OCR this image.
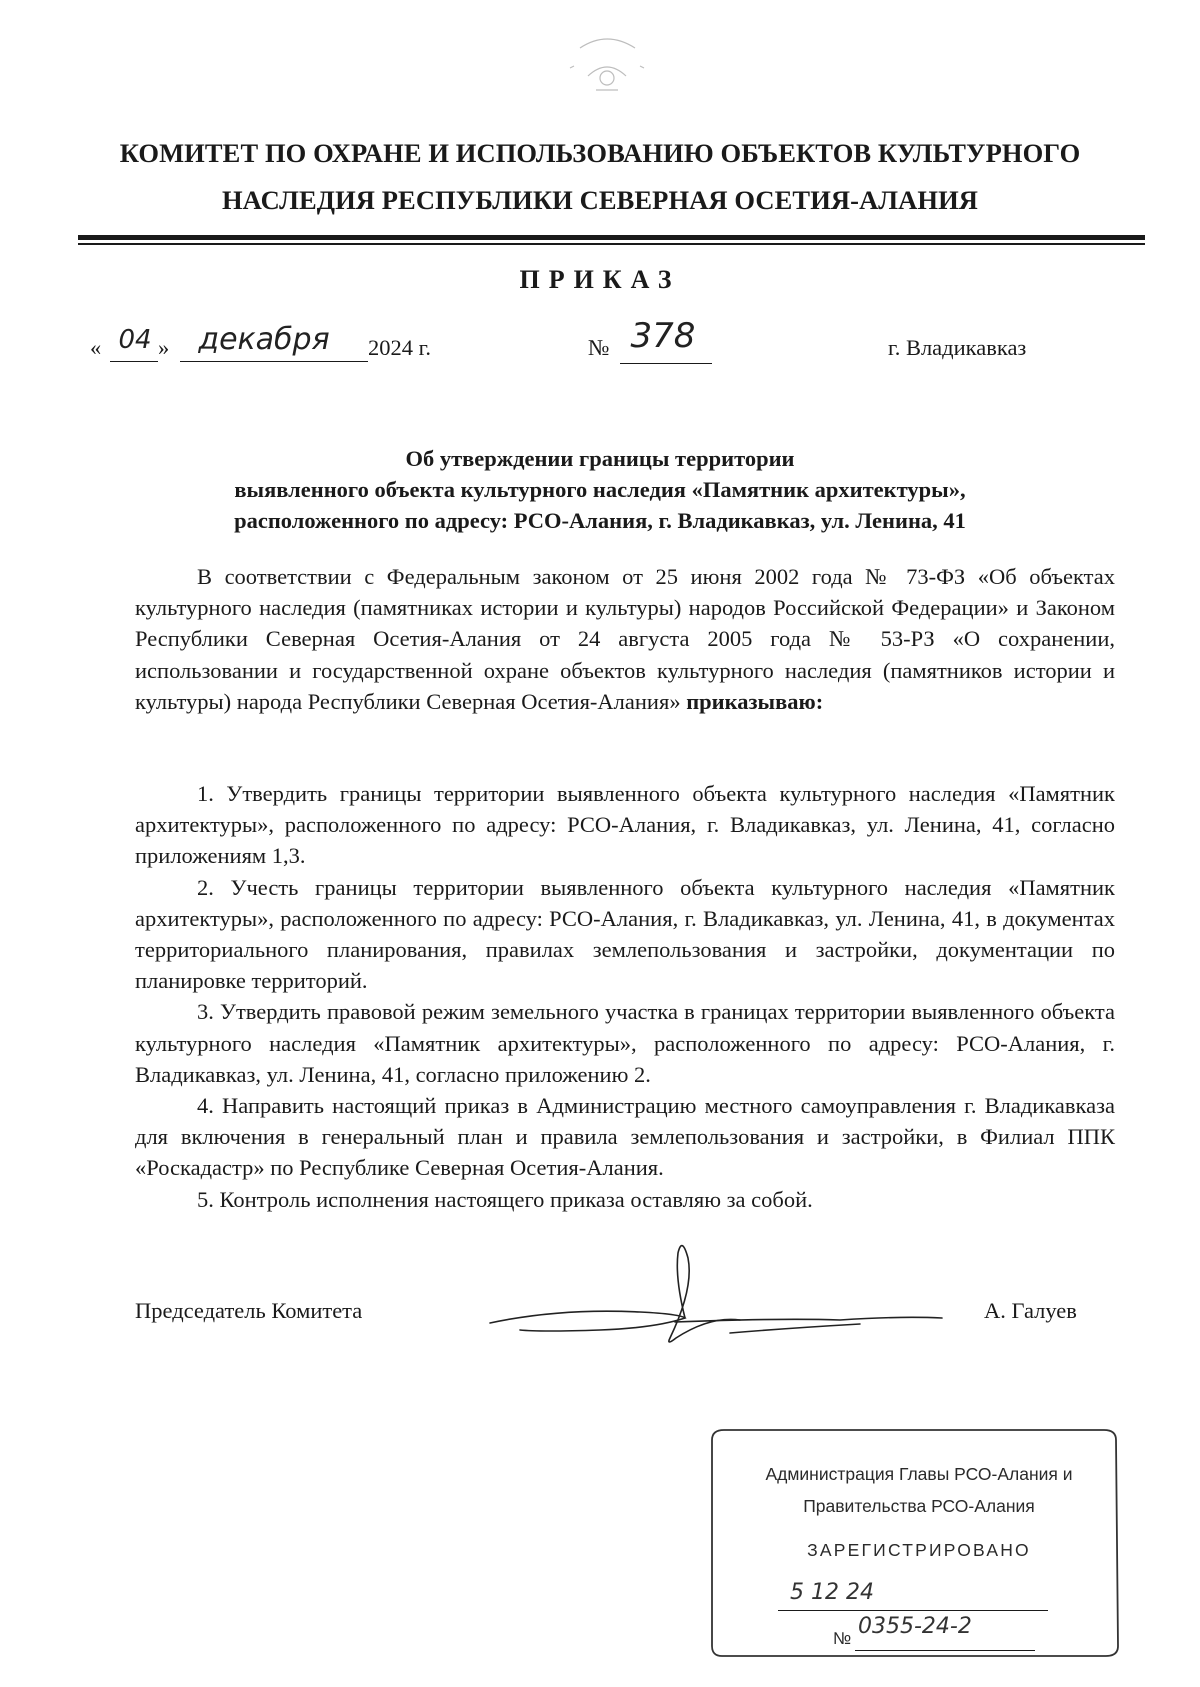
КОМИТЕТ ПО ОХРАНЕ И ИСПОЛЬЗОВАНИЮ ОБЪЕКТОВ КУЛЬТУРНОГО
НАСЛЕДИЯ РЕСПУБЛИКИ СЕВЕРНАЯ ОСЕТИЯ-АЛАНИЯ
ПРИКАЗ
« 04 » декабря	2024 г.	№ 378	г. Владикавказ
Об утверждении границы территории
выявленного объекта культурного наследия «Памятник архитектуры»,
расположенного по адресу: РСО-Алания, г. Владикавказ, ул. Ленина, 41

В соответствии с Федеральным законом от 25 июня 2002 года № 73-ФЗ «Об объектах культурного наследия (памятниках истории и культуры) народов Российской Федерации» и Законом Республики Северная Осетия-Алания от 24 августа 2005 года № 53-РЗ «О сохранении, использовании и государственной охране объектов культурного наследия (памятников истории и культуры) народа Республики Северная Осетия-Алания» приказываю:

1. Утвердить границы территории выявленного объекта культурного наследия «Памятник архитектуры», расположенного по адресу: РСО-Алания, г. Владикавказ, ул. Ленина, 41, согласно приложениям 1,3.

2. Учесть границы территории выявленного объекта культурного наследия «Памятник архитектуры», расположенного по адресу: РСО-Алания, г. Владикавказ, ул. Ленина, 41, в документах территориального планирования, правилах землепользования и застройки, документации по планировке территорий.

3. Утвердить правовой режим земельного участка в границах территории выявленного объекта культурного наследия «Памятник архитектуры», расположенного по адресу: РСО-Алания, г. Владикавказ, ул. Ленина, 41, согласно приложению 2.

4. Направить настоящий приказ в Администрацию местного самоуправления г. Владикавказа для включения в генеральный план и правила землепользования и застройки, в Филиал ППК «Роскадастр» по Республике Северная Осетия-Алания.

5. Контроль исполнения настоящего приказа оставляю за собой.

Председатель Комитета	А. Галуев
Администрация Главы РСО-Алания и
Правительства РСО-Алания
ЗАРЕГИСТРИРОВАНО
5 12 24
№ 0355-24-2
